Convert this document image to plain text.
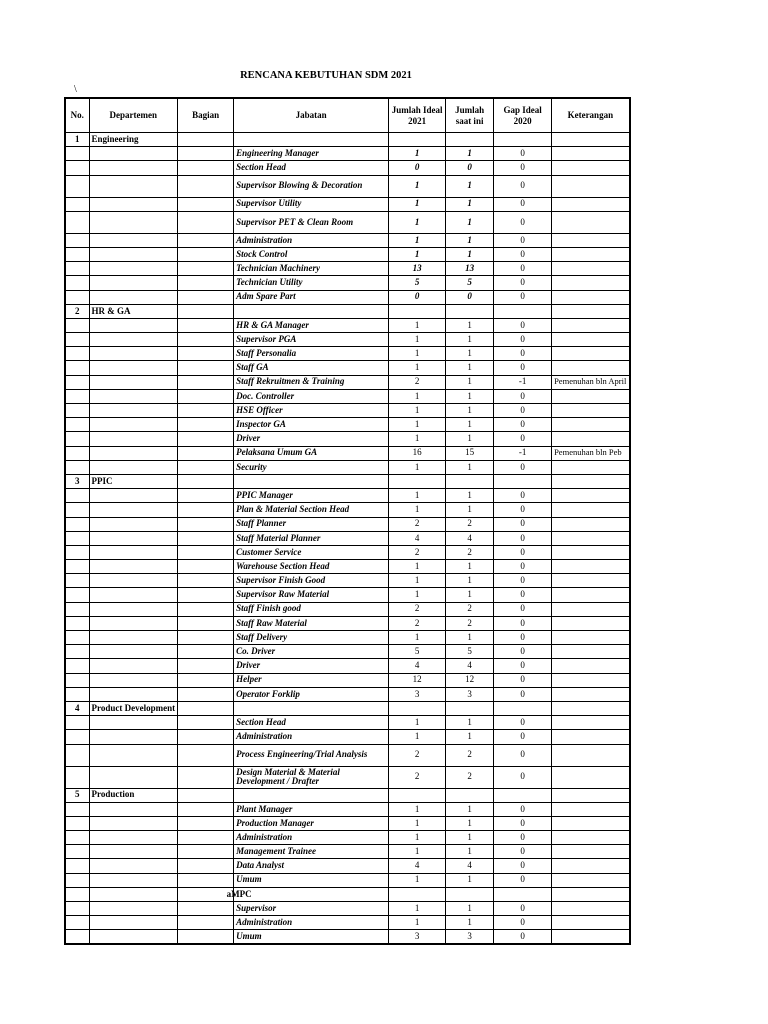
RENCANA KEBUTUHAN SDM 2021
\
No.	Departemen	Bagian	Jabatan	Jumlah Ideal 2021	Jumlah saat ini	Gap Ideal 2020	Keterangan
1	Engineering						
			Engineering Manager	1	1	0	
			Section Head	0	0	0	
			Supervisor Blowing & Decoration	1	1	0	
			Supervisor Utility	1	1	0	
			Supervisor PET & Clean Room	1	1	0	
			Administration	1	1	0	
			Stock Control	1	1	0	
			Technician Machinery	13	13	0	
			Technician Utility	5	5	0	
			Adm Spare Part	0	0	0	
2	HR & GA						
			HR & GA Manager	1	1	0	
			Supervisor PGA	1	1	0	
			Staff Personalia	1	1	0	
			Staff GA	1	1	0	
			Staff Rekruitmen & Training	2	1	-1	Pemenuhan bln April
			Doc. Controller	1	1	0	
			HSE Officer	1	1	0	
			Inspector GA	1	1	0	
			Driver	1	1	0	
			Pelaksana Umum GA	16	15	-1	Pemenuhan bln Peb
			Security	1	1	0	
3	PPIC						
			PPIC Manager	1	1	0	
			Plan & Material Section Head	1	1	0	
			Staff Planner	2	2	0	
			Staff Material Planner	4	4	0	
			Customer Service	2	2	0	
			Warehouse Section Head	1	1	0	
			Supervisor Finish Good	1	1	0	
			Supervisor Raw Material	1	1	0	
			Staff Finish good	2	2	0	
			Staff Raw Material	2	2	0	
			Staff Delivery	1	1	0	
			Co. Driver	5	5	0	
			Driver	4	4	0	
			Helper	12	12	0	
			Operator Forklip	3	3	0	
4	Product Development						
			Section Head	1	1	0	
			Administration	1	1	0	
			Process Engineering/Trial Analysis	2	2	0	
			Design Material & Material Development / Drafter	2	2	0	
5	Production						
			Plant Manager	1	1	0	
			Production Manager	1	1	0	
			Administration	1	1	0	
			Management Trainee	1	1	0	
			Data Analyst	4	4	0	
			Umum	1	1	0	
		aMPC					
			Supervisor	1	1	0	
			Administration	1	1	0	
			Umum	3	3	0	
